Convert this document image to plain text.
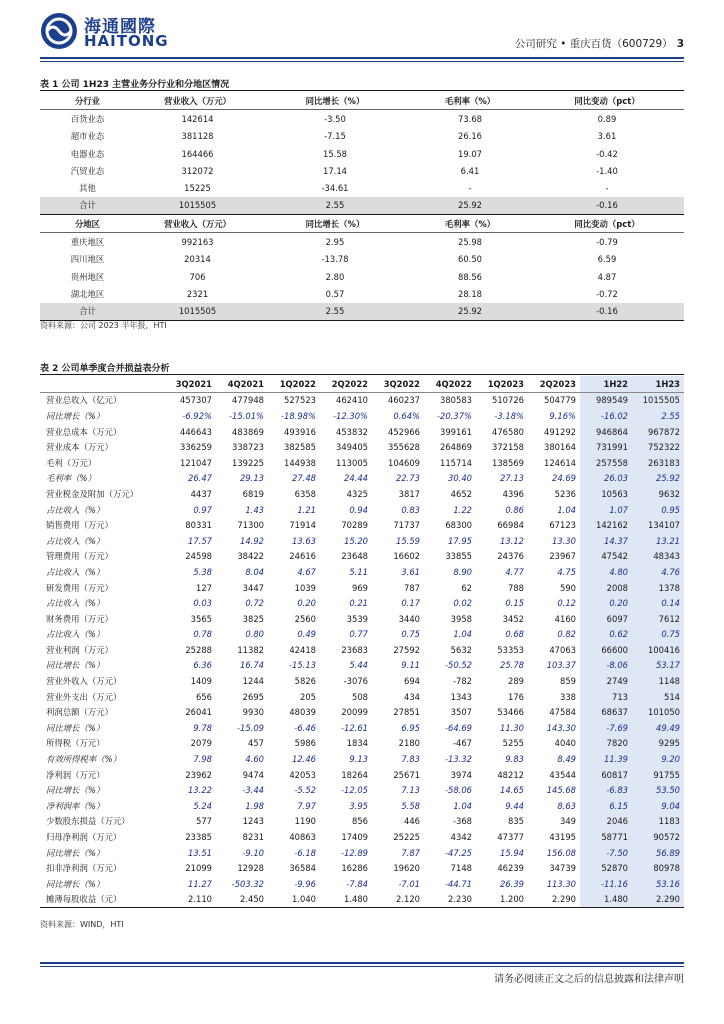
海通國際
HAITONG	公司研究 • 重庆百货（600729） 3
表 1 公司 1H23 主营业务分行业和分地区情况
分行业	营业收入（万元）	同比增长（%）	毛利率（%）	同比变动（pct）
百货业态	142614	-3.50	73.68	0.89
超市业态	381128	-7.15	26.16	3.61
电器业态	164466	15.58	19.07	-0.42
汽贸业态	312072	17.14	6.41	-1.40
其他	15225	-34.61	-	-
合计	1015505	2.55	25.92	-0.16
分地区	营业收入（万元）	同比增长（%）	毛利率（%）	同比变动（pct）
重庆地区	992163	2.95	25.98	-0.79
四川地区	20314	-13.78	60.50	6.59
贵州地区	706	2.80	88.56	4.87
湖北地区	2321	0.57	28.18	-0.72
合计	1015505	2.55	25.92	-0.16
资料来源：公司 2023 半年报，HTI
表 2 公司单季度合并损益表分析
	3Q2021	4Q2021	1Q2022	2Q2022	3Q2022	4Q2022	1Q2023	2Q2023	1H22	1H23
营业总收入（亿元）	457307	477948	527523	462410	460237	380583	510726	504779	989549	1015505
同比增长（%）	-6.92%	-15.01%	-18.98%	-12.30%	0.64%	-20.37%	-3.18%	9.16%	-16.02	2.55
营业总成本（万元）	446643	483869	493916	453832	452966	399161	476580	491292	946864	967872
营业成本（万元）	336259	338723	382585	349405	355628	264869	372158	380164	731991	752322
毛利（万元）	121047	139225	144938	113005	104609	115714	138569	124614	257558	263183
毛利率（%）	26.47	29.13	27.48	24.44	22.73	30.40	27.13	24.69	26.03	25.92
营业税金及附加（万元）	4437	6819	6358	4325	3817	4652	4396	5236	10563	9632
占比收入（%）	0.97	1.43	1.21	0.94	0.83	1.22	0.86	1.04	1.07	0.95
销售费用（万元）	80331	71300	71914	70289	71737	68300	66984	67123	142162	134107
占比收入（%）	17.57	14.92	13.63	15.20	15.59	17.95	13.12	13.30	14.37	13.21
管理费用（万元）	24598	38422	24616	23648	16602	33855	24376	23967	47542	48343
占比收入（%）	5.38	8.04	4.67	5.11	3.61	8.90	4.77	4.75	4.80	4.76
研发费用（万元）	127	3447	1039	969	787	62	788	590	2008	1378
占比收入（%）	0.03	0.72	0.20	0.21	0.17	0.02	0.15	0.12	0.20	0.14
财务费用（万元）	3565	3825	2560	3539	3440	3958	3452	4160	6097	7612
占比收入（%）	0.78	0.80	0.49	0.77	0.75	1.04	0.68	0.82	0.62	0.75
营业利润（万元）	25288	11382	42418	23683	27592	5632	53353	47063	66600	100416
同比增长（%）	6.36	16.74	-15.13	5.44	9.11	-50.52	25.78	103.37	-8.06	53.17
营业外收入（万元）	1409	1244	5826	-3076	694	-782	289	859	2749	1148
营业外支出（万元）	656	2695	205	508	434	1343	176	338	713	514
利润总额（万元）	26041	9930	48039	20099	27851	3507	53466	47584	68637	101050
同比增长（%）	9.78	-15.09	-6.46	-12.61	6.95	-64.69	11.30	143.30	-7.69	49.49
所得税（万元）	2079	457	5986	1834	2180	-467	5255	4040	7820	9295
有效所得税率（%）	7.98	4.60	12.46	9.13	7.83	-13.32	9.83	8.49	11.39	9.20
净利润（万元）	23962	9474	42053	18264	25671	3974	48212	43544	60817	91755
同比增长（%）	13.22	-3.44	-5.52	-12.05	7.13	-58.06	14.65	145.68	-6.83	53.50
净利润率（%）	5.24	1.98	7.97	3.95	5.58	1.04	9.44	8.63	6.15	9.04
少数股东损益（万元）	577	1243	1190	856	446	-368	835	349	2046	1183
归母净利润（万元）	23385	8231	40863	17409	25225	4342	47377	43195	58771	90572
同比增长（%）	13.51	-9.10	-6.18	-12.89	7.87	-47.25	15.94	156.08	-7.50	56.89
扣非净利润（万元）	21099	12928	36584	16286	19620	7148	46239	34739	52870	80978
同比增长（%）	11.27	-503.32	-9.96	-7.84	-7.01	-44.71	26.39	113.30	-11.16	53.16
摊薄每股收益（元）	2.110	2.450	1.040	1.480	2.120	2.230	1.200	2.290	1.480	2.290
资料来源：WIND，HTI
请务必阅读正文之后的信息披露和法律声明
